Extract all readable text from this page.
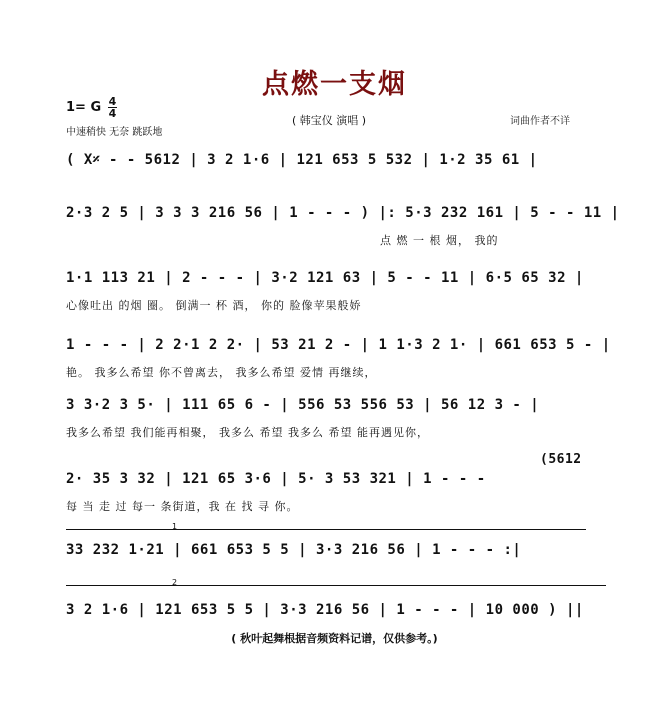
点燃一支烟
1= G 4
4
中速稍快 无奈 跳跃地
( 韩宝仪 演唱 )	词曲作者不详
( X𝄎 - - 5612 | 3 2 1·6 | 121 653 5 532 | 1·2 35 61 |
2·3 2 5 | 3 3 3 216 56 | 1 - - - ) |: 5·3 232 161 | 5 - - 11 |
点 燃 一 根 烟， 我的
1·1 113 21 | 2 - - - | 3·2 121 63 | 5 - - 11 | 6·5 65 32 |
心像吐出 的烟 圈。 倒满一 杯 酒， 你的 脸像苹果般娇
1 - - - | 2 2·1 2 2· | 53 21 2 - | 1 1·3 2 1· | 661 653 5 - |
艳。 我多么希望 你不曾离去， 我多么希望 爱情 再继续，
3 3·2 3 5· | 111 65 6 - | 556 53 556 53 | 56 12 3 - |
我多么希望 我们能再相聚， 我多么 希望 我多么 希望 能再遇见你，
(5612
2· 35 3 32 | 121 65 3·6 | 5· 3 53 321 | 1 - - -
每 当 走 过 每一 条街道，我 在 找 寻 你。
1
33 232 1·21 | 661 653 5 5 | 3·3 216 56 | 1 - - - :|
2
3 2 1·6 | 121 653 5 5 | 3·3 216 56 | 1 - - - | 10 000 ) ||
( 秋叶起舞根据音频资料记谱，仅供参考。)
